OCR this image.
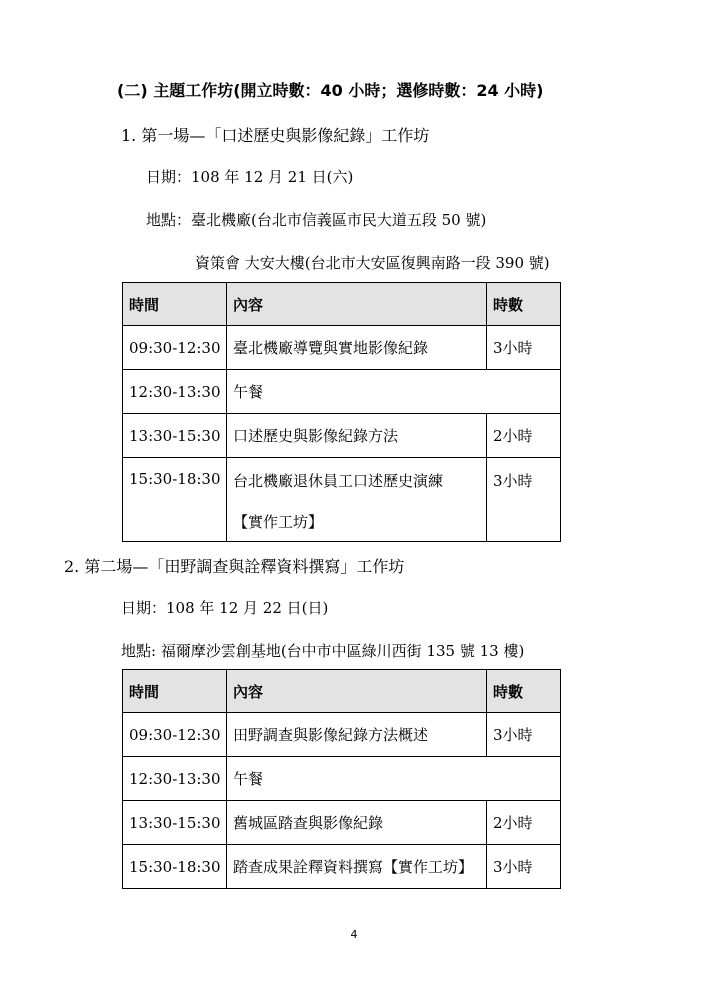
(二) 主題工作坊(開立時數：40 小時；選修時數：24 小時)
1. 第一場—「口述歷史與影像紀錄」工作坊
日期：108 年 12 月 21 日(六)
地點：臺北機廠(台北市信義區市民大道五段 50 號)
資策會 大安大樓(台北市大安區復興南路一段 390 號)
時間	內容	時數
09:30-12:30	臺北機廠導覽與實地影像紀錄	3小時
12:30-13:30	午餐	
13:30-15:30	口述歷史與影像紀錄方法	2小時
15:30-18:30	台北機廠退休員工口述歷史演練
【實作工坊】	3小時
2. 第二場—「田野調查與詮釋資料撰寫」工作坊
日期：108 年 12 月 22 日(日)
地點: 福爾摩沙雲創基地(台中市中區綠川西街 135 號 13 樓)
時間	內容	時數
09:30-12:30	田野調查與影像紀錄方法概述	3小時
12:30-13:30	午餐	
13:30-15:30	舊城區踏查與影像紀錄	2小時
15:30-18:30	踏查成果詮釋資料撰寫【實作工坊】	3小時
4
